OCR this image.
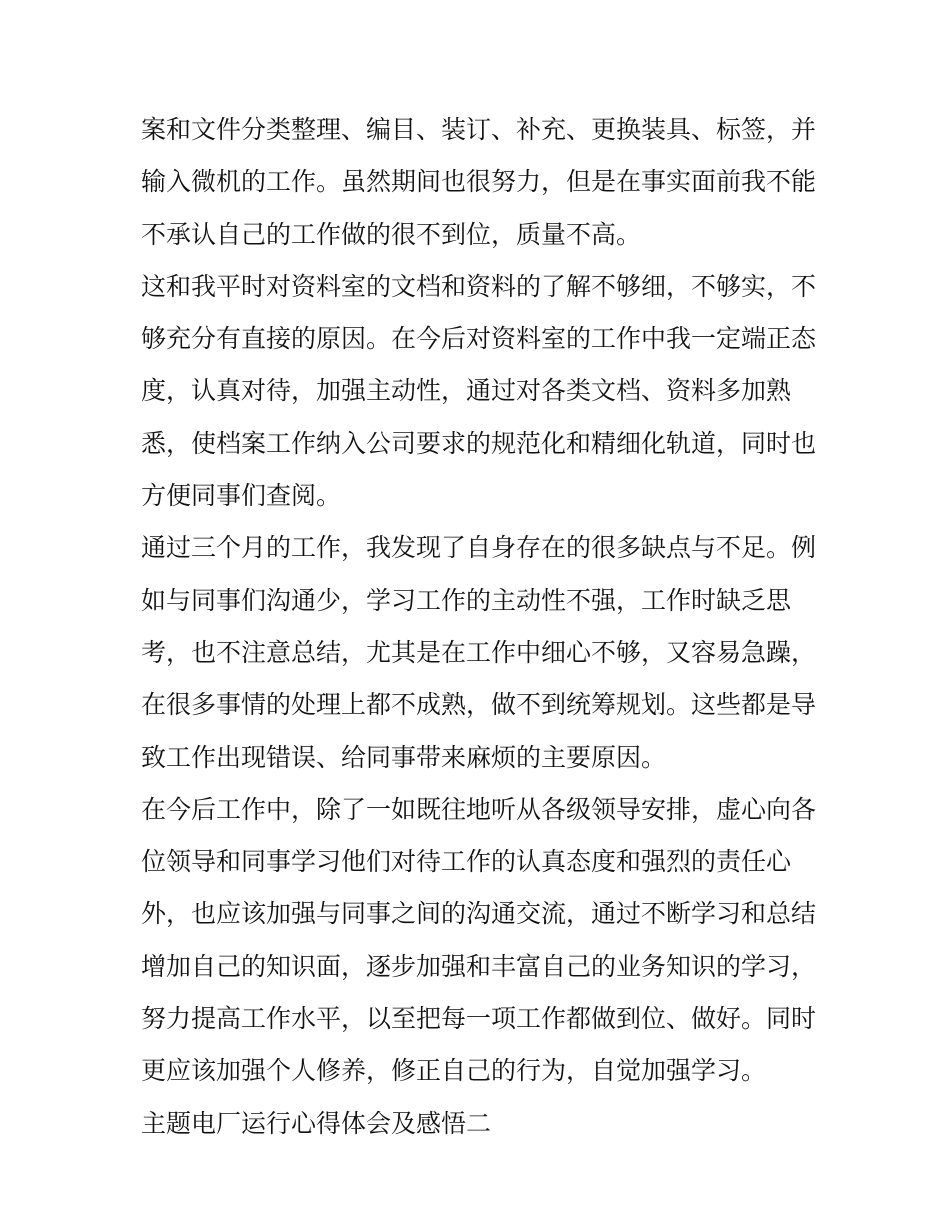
案和文件分类整理、编目、装订、补充、更换装具、标签，并
输入微机的工作。虽然期间也很努力，但是在事实面前我不能
不承认自己的工作做的很不到位，质量不高。

这和我平时对资料室的文档和资料的了解不够细，不够实，不
够充分有直接的原因。在今后对资料室的工作中我一定端正态
度，认真对待，加强主动性，通过对各类文档、资料多加熟
悉，使档案工作纳入公司要求的规范化和精细化轨道，同时也
方便同事们查阅。

通过三个月的工作，我发现了自身存在的很多缺点与不足。例
如与同事们沟通少，学习工作的主动性不强，工作时缺乏思
考，也不注意总结，尤其是在工作中细心不够，又容易急躁，
在很多事情的处理上都不成熟，做不到统筹规划。这些都是导
致工作出现错误、给同事带来麻烦的主要原因。

在今后工作中，除了一如既往地听从各级领导安排，虚心向各
位领导和同事学习他们对待工作的认真态度和强烈的责任心
外，也应该加强与同事之间的沟通交流，通过不断学习和总结
增加自己的知识面，逐步加强和丰富自己的业务知识的学习，
努力提高工作水平，以至把每一项工作都做到位、做好。同时
更应该加强个人修养，修正自己的行为，自觉加强学习。

主题电厂运行心得体会及感悟二
